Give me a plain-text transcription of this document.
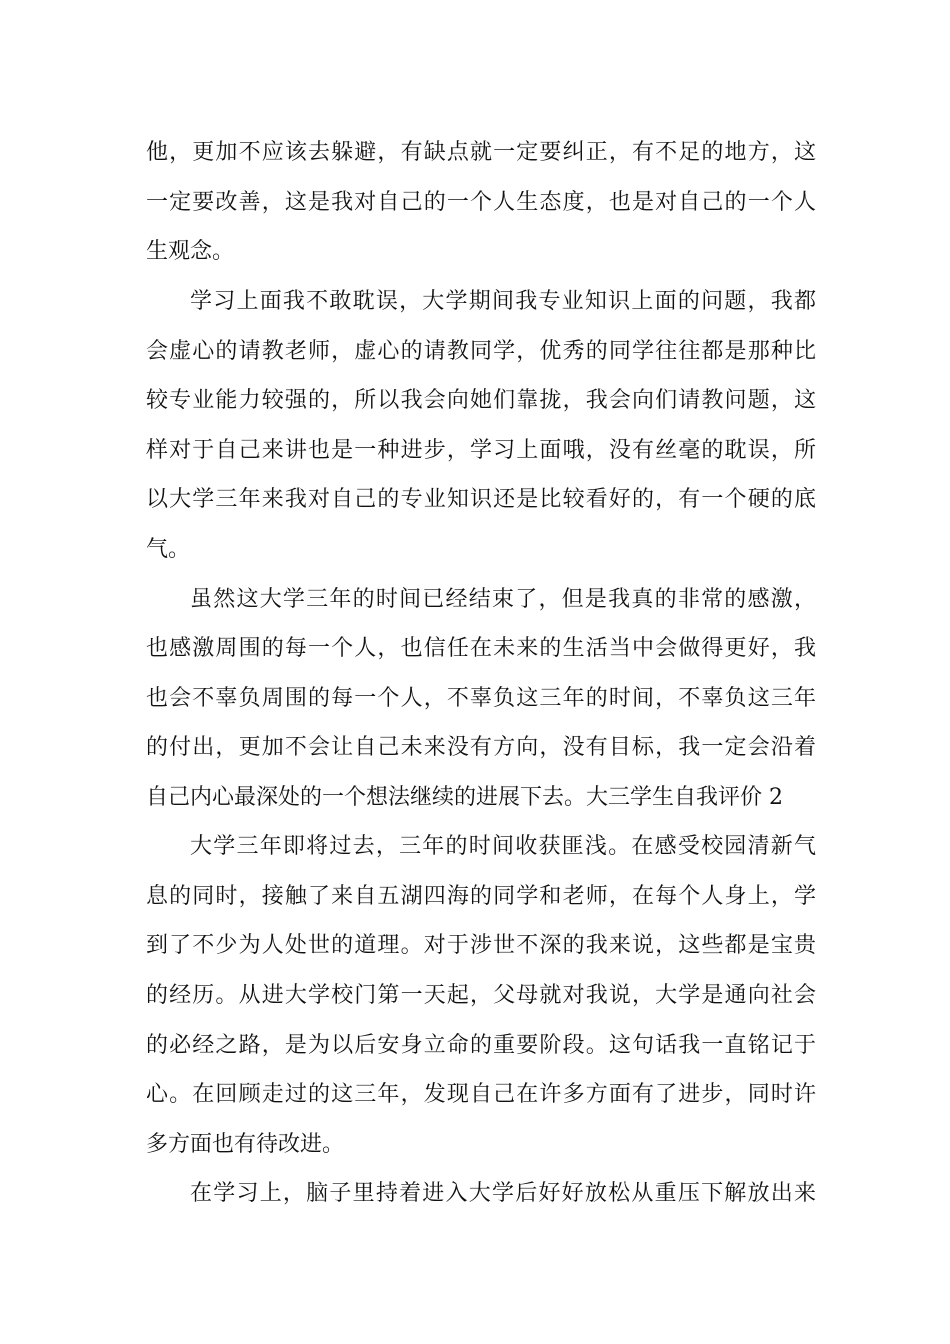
他，更加不应该去躲避，有缺点就一定要纠正，有不足的地方，这
一定要改善，这是我对自己的一个人生态度，也是对自己的一个人
生观念。
学习上面我不敢耽误，大学期间我专业知识上面的问题，我都
会虚心的请教老师，虚心的请教同学，优秀的同学往往都是那种比
较专业能力较强的，所以我会向她们靠拢，我会向们请教问题，这
样对于自己来讲也是一种进步，学习上面哦，没有丝毫的耽误，所
以大学三年来我对自己的专业知识还是比较看好的，有一个硬的底
气。
虽然这大学三年的时间已经结束了，但是我真的非常的感激，
也感激周围的每一个人，也信任在未来的生活当中会做得更好，我
也会不辜负周围的每一个人，不辜负这三年的时间，不辜负这三年
的付出，更加不会让自己未来没有方向，没有目标，我一定会沿着
自己内心最深处的一个想法继续的进展下去。大三学生自我评价 2
大学三年即将过去，三年的时间收获匪浅。在感受校园清新气
息的同时，接触了来自五湖四海的同学和老师，在每个人身上，学
到了不少为人处世的道理。对于涉世不深的我来说，这些都是宝贵
的经历。从进大学校门第一天起，父母就对我说，大学是通向社会
的必经之路，是为以后安身立命的重要阶段。这句话我一直铭记于
心。在回顾走过的这三年，发现自己在许多方面有了进步，同时许
多方面也有待改进。
在学习上，脑子里持着进入大学后好好放松从重压下解放出来
